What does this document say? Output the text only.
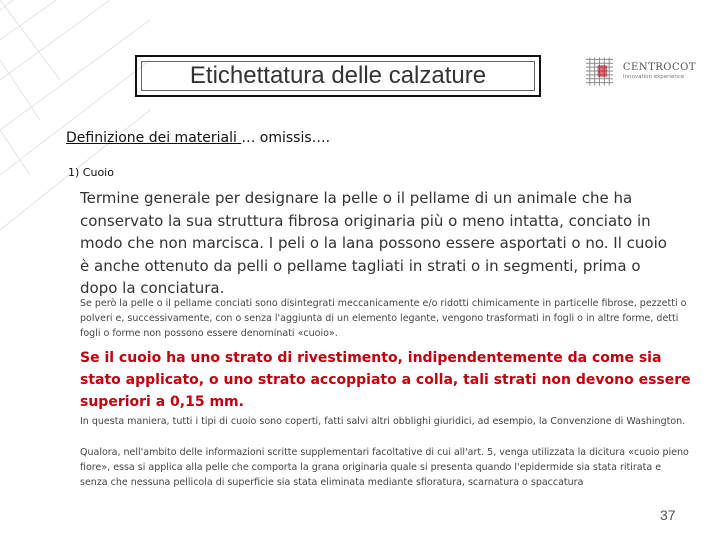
Etichettatura delle calzature	CENTROCOT
Innovation experience
Definizione dei materiali … omissis….
1) Cuoio

Termine generale per designare la pelle o il pellame di un animale che ha conservato la sua struttura fibrosa originaria più o meno intatta, conciato in modo che non marcisca. I peli o la lana possono essere asportati o no. Il cuoio è anche ottenuto da pelli o pellame tagliati in strati o in segmenti, prima o dopo la conciatura.

Se però la pelle o il pellame conciati sono disintegrati meccanicamente e/o ridotti chimicamente in particelle fibrose, pezzetti o polveri e, successivamente, con o senza l'aggiunta di un elemento legante, vengono trasformati in fogli o in altre forme, detti fogli o forme non possono essere denominati «cuoio».

Se il cuoio ha uno strato di rivestimento, indipendentemente da come sia stato applicato, o uno strato accoppiato a colla, tali strati non devono essere superiori a 0,15 mm.

In questa maniera, tutti i tipi di cuoio sono coperti, fatti salvi altri obblighi giuridici, ad esempio, la Convenzione di Washington.

Qualora, nell'ambito delle informazioni scritte supplementari facoltative di cui all'art. 5, venga utilizzata la dicitura «cuoio pieno fiore», essa si applica alla pelle che comporta la grana originaria quale si presenta quando l'epidermide sia stata ritirata e senza che nessuna pellicola di superficie sia stata eliminata mediante sfioratura, scarnatura o spaccatura

37
